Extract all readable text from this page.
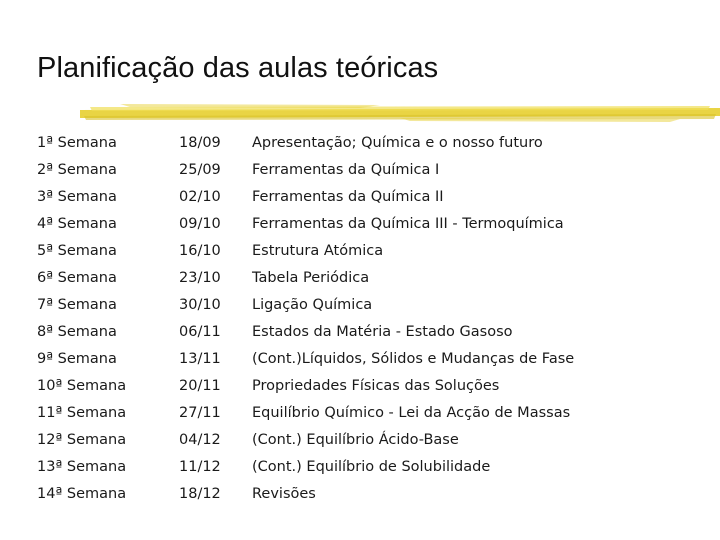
Planificação das aulas teóricas
1ª Semana	18/09 Apresentação; Química e o nosso futuro
2ª Semana	25/09 Ferramentas da Química I
3ª Semana	02/10 Ferramentas da Química II
4ª Semana	09/10 Ferramentas da Química III - Termoquímica
5ª Semana	16/10 Estrutura Atómica
6ª Semana	23/10 Tabela Periódica
7ª Semana	30/10 Ligação Química
8ª Semana	06/11 Estados da Matéria - Estado Gasoso
9ª Semana	13/11 (Cont.)Líquidos, Sólidos e Mudanças de Fase
10ª Semana	20/11 Propriedades Físicas das Soluções
11ª Semana	27/11 Equilíbrio Químico - Lei da Acção de Massas
12ª Semana	04/12 (Cont.) Equilíbrio Ácido-Base
13ª Semana	11/12 (Cont.) Equilíbrio de Solubilidade
14ª Semana	18/12 Revisões
